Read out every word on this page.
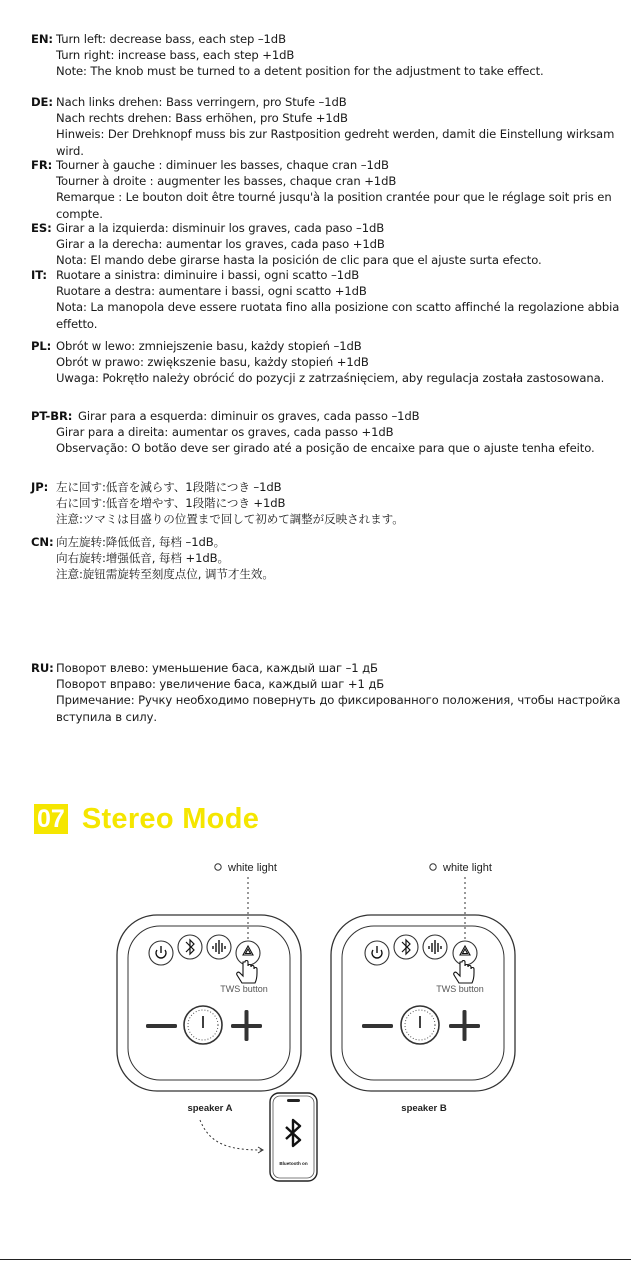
EN: Turn left: decrease bass, each step –1dB
Turn right: increase bass, each step +1dB
Note: The knob must be turned to a detent position for the adjustment to take effect.
DE: Nach links drehen: Bass verringern, pro Stufe –1dB
Nach rechts drehen: Bass erhöhen, pro Stufe +1dB
Hinweis: Der Drehknopf muss bis zur Rastposition gedreht werden, damit die Einstellung wirksam wird.
FR: Tourner à gauche : diminuer les basses, chaque cran –1dB
Tourner à droite : augmenter les basses, chaque cran +1dB
Remarque : Le bouton doit être tourné jusqu'à la position crantée pour que le réglage soit pris en compte.
ES: Girar a la izquierda: disminuir los graves, cada paso –1dB
Girar a la derecha: aumentar los graves, cada paso +1dB
Nota: El mando debe girarse hasta la posición de clic para que el ajuste surta efecto.
IT: Ruotare a sinistra: diminuire i bassi, ogni scatto –1dB
Ruotare a destra: aumentare i bassi, ogni scatto +1dB
Nota: La manopola deve essere ruotata fino alla posizione con scatto affinché la regolazione abbia effetto.
PL: Obrót w lewo: zmniejszenie basu, każdy stopień –1dB
Obrót w prawo: zwiększenie basu, każdy stopień +1dB
Uwaga: Pokrętło należy obrócić do pozycji z zatrzaśnięciem, aby regulacja została zastosowana.
PT-BR: Girar para a esquerda: diminuir os graves, cada passo –1dB
Girar para a direita: aumentar os graves, cada passo +1dB
Observação: O botão deve ser girado até a posição de encaixe para que o ajuste tenha efeito.
JP: 左に回す:低音を減らす、1段階につき –1dB
右に回す:低音を増やす、1段階につき +1dB
注意:ツマミは目盛りの位置まで回して初めて調整が反映されます。
CN: 向左旋转:降低低音, 每档 –1dB。
向右旋转:增强低音, 每档 +1dB。
注意:旋钮需旋转至刻度点位, 调节才生效。
RU: Поворот влево: уменьшение баса, каждый шаг –1 дБ
Поворот вправо: увеличение баса, каждый шаг +1 дБ
Примечание: Ручку необходимо повернуть до фиксированного положения, чтобы настройка вступила в силу.
07 Stereo Mode
TWS button	TWS button
white light	white light
speaker A	speaker B
Bluetooth on
